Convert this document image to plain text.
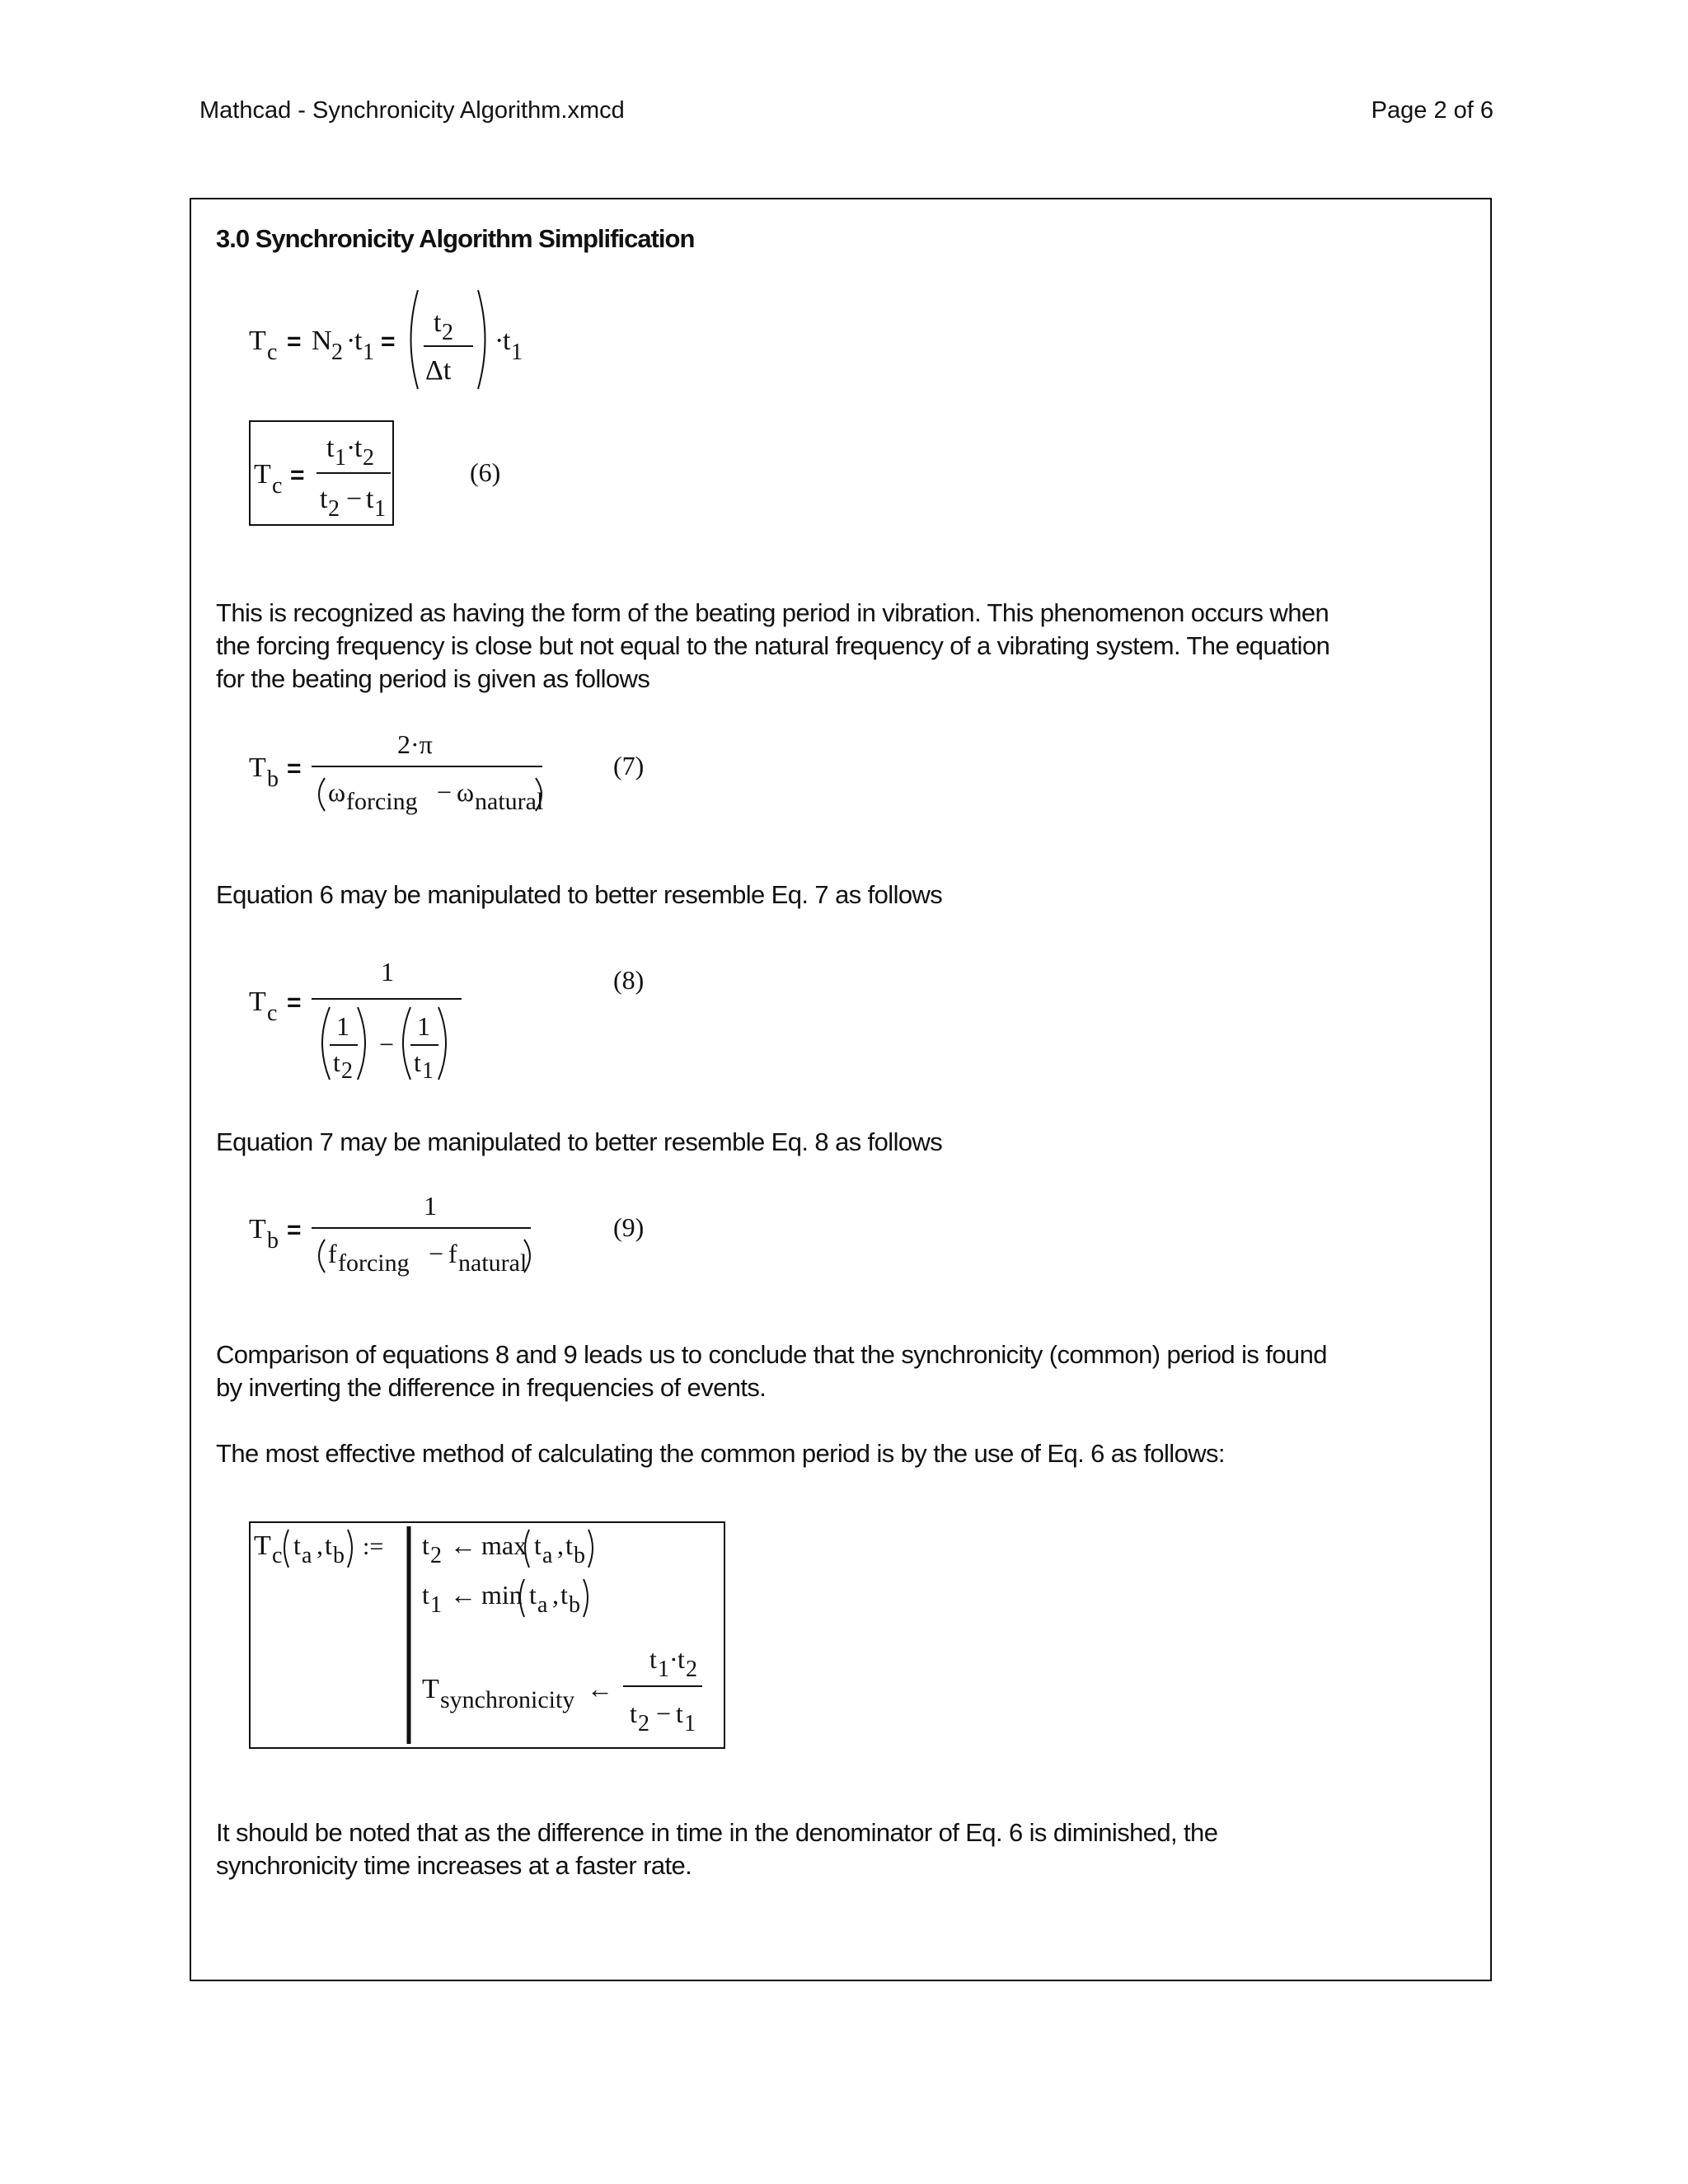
Mathcad - Synchronicity Algorithm.xmcd	Page 2 of 6
3.0 Synchronicity Algorithm Simplification
T c = N 2 ·
t 1 =
t 2
Δt
·
t 1
T c =
t 1 ·
t 2
t 2 − t 1
(6)
This is recognized as having the form of the beating period in vibration. This phenomenon occurs when
the forcing frequency is close but not equal to the natural frequency of a vibrating system. The equation
for the beating period is given as follows
T b =
2·π
ω forcing − ω natural
(7)
Equation 6 may be manipulated to better resemble Eq. 7 as follows
T c =
1
1
t 2
−
1
t 1
(8)
Equation 7 may be manipulated to better resemble Eq. 8 as follows
T b =
1
f forcing − f natural
(9)
Comparison of equations 8 and 9 leads us to conclude that the synchronicity (common) period is found
by inverting the difference in frequencies of events.
The most effective method of calculating the common period is by the use of Eq. 6 as follows:
T c t a , t b := t 2 ← max t a , t b
t 1 ← min t a , t b
T synchronicity ←
t 1 · t 2
t 2 − t 1
It should be noted that as the difference in time in the denominator of Eq. 6 is diminished, the
synchronicity time increases at a faster rate.
